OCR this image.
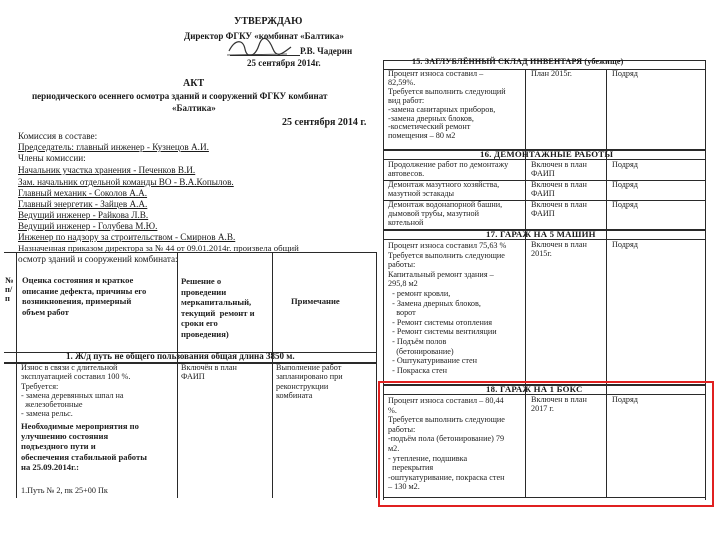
УТВЕРЖДАЮ
Директор ФГКУ «комбинат «Балтика»
Р.В. Чадерин
25 сентября 2014г.
АКТ
периодического осеннего осмотра зданий и сооружений ФГКУ комбинат
«Балтика»
25 сентября 2014 г.
Комиссия в составе:
Председатель: главный инженер - Кузнецов А.И.
Члены комиссии:
Начальник участка хранения - Печенков В.И.
Зам. начальник отдельной команды ВО - В.А.Копылов.
Главный механик - Соколов А.А.
Главный энергетик - Зайцев А.А.
Ведущий инженер - Райкова Л.В.
Ведущий инженер - Голубева М.Ю.
Инженер по надзору за строительством - Смирнов А.В.
Назначенная приказом директора за № 44 от 09.01.2014г. произвела общий
осмотр зданий и сооружений комбината:
№
п/
п
Оценка состояния и краткое
описание дефекта, причины его
возникновения, примерный
объем работ
Решение о
проведении
меркапитальный,
текущий  ремонт и
сроки его
проведения)
Примечание
1. Ж/д путь не общего пользования общая длина 3850 м.
Износ в связи с длительной
эксплуатацией составил 100 %.
Требуется:
- замена деревянных шпал на
железобетонные
- замена рельс.
Необходимые мероприятия по
улучшению состояния
подъездного пути и
обеспечения стабильной работы
на 25.09.2014г.:
1.Путь № 2, пк 25+00 Пк
Включён в план
ФАИП
Выполнение работ
запланировано при
реконструкции
комбината
15. ЗАГЛУБЛЁННЫЙ СКЛАД ИНВЕНТАРЯ (убежище)
Процент износа составил –
82,59%.
Требуется выполнить следующий
вид работ:
-замена санитарных приборов,
-замена дверных блоков,
-косметический ремонт
помещения – 80 м2
План 2015г.	Подряд
16. ДЕМОНТАЖНЫЕ РАБОТЫ
Продолжение работ по демонтажу
автовесов.
Включен в план
ФАИП
Подряд
Демонтаж мазутного хозяйства,
мазутной эстакады
Включен в план
ФАИП
Подряд
Демонтаж водонапорной башни,
дымовой трубы, мазутной
котельной
Включен в план
ФАИП
Подряд
17. ГАРАЖ НА 5 МАШИН
Процент износа составил 75,63 %
Требуется выполнить следующие
работы:
Капитальный ремонт здания –
295,8 м2
- ремонт кровли,
- Замена дверных блоков,
ворот
- Ремонт системы отопления
- Ремонт системы вентиляции
- Подъём полов
(бетонирование)
- Оштукатуривание стен
- Покраска стен
Включен в план
2015г.
Подряд
18. ГАРАЖ НА 1 БОКС
Процент износа составил – 80,44
%.
Требуется выполнить следующие
работы:
-подъём пола (бетонирование) 79
м2.
- утепление, подшивка
перекрытия
-оштукатуривание, покраска стен
– 130 м2.
Включен в план
2017 г.
Подряд
